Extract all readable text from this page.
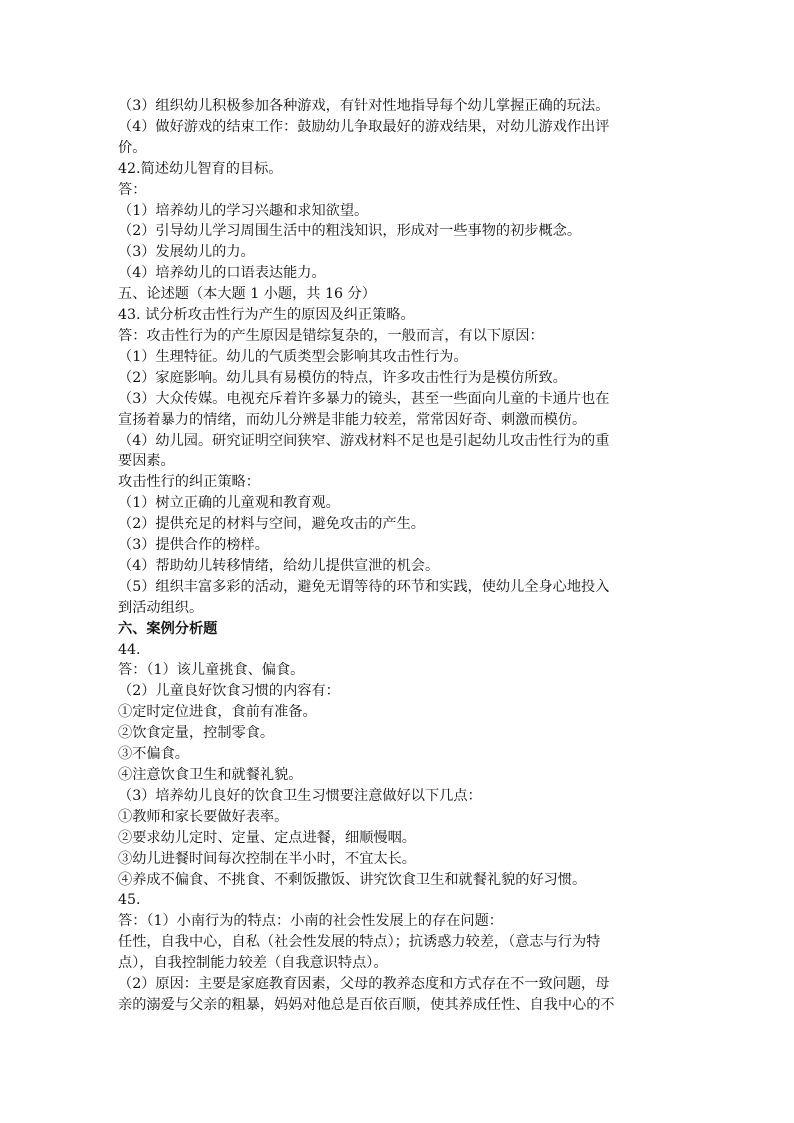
（3）组织幼儿积极参加各种游戏，有针对性地指导每个幼儿掌握正确的玩法。
（4）做好游戏的结束工作：鼓励幼儿争取最好的游戏结果，对幼儿游戏作出评
价。
42.简述幼儿智育的目标。
答：
（1）培养幼儿的学习兴趣和求知欲望。
（2）引导幼儿学习周围生活中的粗浅知识，形成对一些事物的初步概念。
（3）发展幼儿的力。
（4）培养幼儿的口语表达能力。
五、论述题（本大题 1 小题，共 16 分）
43. 试分析攻击性行为产生的原因及纠正策略。
答：攻击性行为的产生原因是错综复杂的，一般而言，有以下原因：
（1）生理特征。幼儿的气质类型会影响其攻击性行为。
（2）家庭影响。幼儿具有易模仿的特点，许多攻击性行为是模仿所致。
（3）大众传媒。电视充斥着许多暴力的镜头，甚至一些面向儿童的卡通片也在
宣扬着暴力的情绪，而幼儿分辨是非能力较差，常常因好奇、刺激而模仿。
（4）幼儿园。研究证明空间狭窄、游戏材料不足也是引起幼儿攻击性行为的重
要因素。
攻击性行的纠正策略：
（1）树立正确的儿童观和教育观。
（2）提供充足的材料与空间，避免攻击的产生。
（3）提供合作的榜样。
（4）帮助幼儿转移情绪，给幼儿提供宣泄的机会。
（5）组织丰富多彩的活动，避免无谓等待的环节和实践，使幼儿全身心地投入
到活动组织。
六、案例分析题
44.
答：（1）该儿童挑食、偏食。
（2）儿童良好饮食习惯的内容有：
①定时定位进食，食前有准备。
②饮食定量，控制零食。
③不偏食。
④注意饮食卫生和就餐礼貌。
（3）培养幼儿良好的饮食卫生习惯要注意做好以下几点：
①教师和家长要做好表率。
②要求幼儿定时、定量、定点进餐，细顺慢咽。
③幼儿进餐时间每次控制在半小时，不宜太长。
④养成不偏食、不挑食、不剩饭撒饭、讲究饮食卫生和就餐礼貌的好习惯。
45.
答：（1）小南行为的特点：小南的社会性发展上的存在问题：
任性，自我中心，自私（社会性发展的特点）；抗诱惑力较差，（意志与行为特
点），自我控制能力较差（自我意识特点）。
（2）原因：主要是家庭教育因素，父母的教养态度和方式存在不一致问题，母
亲的溺爱与父亲的粗暴，妈妈对他总是百依百顺，使其养成任性、自我中心的不
